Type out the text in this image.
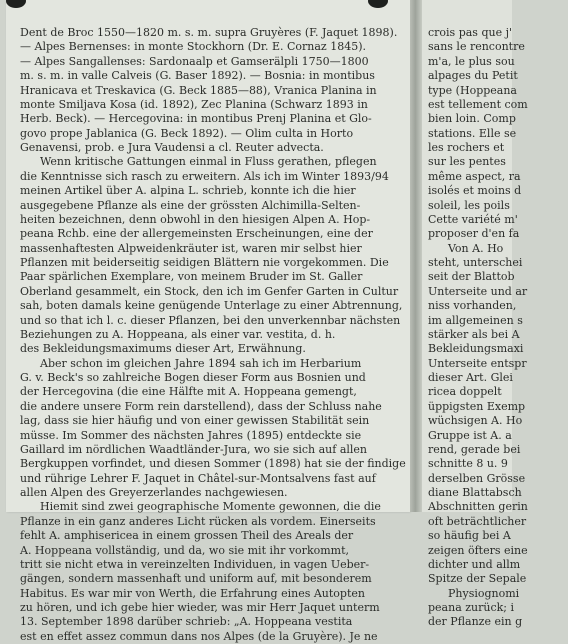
Dent de Broc 1550—1820 m. s. m. supra Gruyères (F. Jaquet 1898).
— Alpes Bernenses: in monte Stockhorn (Dr. E. Cornaz 1845).
— Alpes Sangallenses: Sardonaalp et Gamserälpli 1750—1800
m. s. m. in valle Calveis (G. Baser 1892). — Bosnia: in montibus
Hranicava et Treskavica (G. Beck 1885—88), Vranica Planina in
monte Smiljava Kosa (id. 1892), Zec Planina (Schwarz 1893 in
Herb. Beck). — Hercegovina: in montibus Prenj Planina et Glo-
govo prope Jablanica (G. Beck 1892). — Olim culta in Horto
Genavensi, prob. e Jura Vaudensi a cl. Reuter advecta.
Wenn kritische Gattungen einmal in Fluss gerathen, pflegen
die Kenntnisse sich rasch zu erweitern. Als ich im Winter 1893/94
meinen Artikel über A. alpina L. schrieb, konnte ich die hier
ausgegebene Pflanze als eine der grössten Alchimilla-Selten-
heiten bezeichnen, denn obwohl in den hiesigen Alpen A. Hop-
peana Rchb. eine der allergemeinsten Erscheinungen, eine der
massenhaftesten Alpweidenkräuter ist, waren mir selbst hier
Pflanzen mit beiderseitig seidigen Blättern nie vorgekommen. Die
Paar spärlichen Exemplare, von meinem Bruder im St. Galler
Oberland gesammelt, ein Stock, den ich im Genfer Garten in Cultur
sah, boten damals keine genügende Unterlage zu einer Abtrennung,
und so that ich l. c. dieser Pflanzen, bei den unverkennbar nächsten
Beziehungen zu A. Hoppeana, als einer var. vestita, d. h.
des Bekleidungsmaximums dieser Art, Erwähnung.
Aber schon im gleichen Jahre 1894 sah ich im Herbarium
G. v. Beck's so zahlreiche Bogen dieser Form aus Bosnien und
der Hercegovina (die eine Hälfte mit A. Hoppeana gemengt,
die andere unsere Form rein darstellend), dass der Schluss nahe
lag, dass sie hier häufig und von einer gewissen Stabilität sein
müsse. Im Sommer des nächsten Jahres (1895) entdeckte sie
Gaillard im nördlichen Waadtländer-Jura, wo sie sich auf allen
Bergkuppen vorfindet, und diesen Sommer (1898) hat sie der findige
und rührige Lehrer F. Jaquet in Châtel-sur-Montsalvens fast auf
allen Alpen des Greyerzerlandes nachgewiesen.
Hiemit sind zwei geographische Momente gewonnen, die die
Pflanze in ein ganz anderes Licht rücken als vordem. Einerseits
fehlt A. amphisericea in einem grossen Theil des Areals der
A. Hoppeana vollständig, und da, wo sie mit ihr vorkommt,
tritt sie nicht etwa in vereinzelten Individuen, in vagen Ueber-
gängen, sondern massenhaft und uniform auf, mit besonderem
Habitus. Es war mir von Werth, die Erfahrung eines Autopten
zu hören, und ich gebe hier wieder, was mir Herr Jaquet unterm
13. September 1898 darüber schrieb: „A. Hoppeana vestita
est en effet assez commun dans nos Alpes (de la Gruyère). Je ne
crois pas que j'
sans le rencontre
m'a, le plus sou
alpages du Petit
type (Hoppeana
est tellement com
bien loin. Comp
stations. Elle se
les rochers et
sur les pentes
même aspect, ra
isolés et moins d
soleil, les poils
Cette variété m'
proposer d'en fa
Von A. Ho
steht, unterschei
seit der Blattob
Unterseite und ar
niss vorhanden,
im allgemeinen s
stärker als bei A
Bekleidungsmaxi
Unterseite entspr
dieser Art. Glei
ricea doppelt
üppigsten Exemp
wüchsigen A. Ho
Gruppe ist A. a
rend, gerade bei
schnitte 8 u. 9
derselben Grösse
diane Blattabsch
Abschnitten gerin
oft beträchtlicher
so häufig bei A
zeigen öfters eine
dichter und allm
Spitze der Sepale
Physiognomi
peana zurück; i
der Pflanze ein g
